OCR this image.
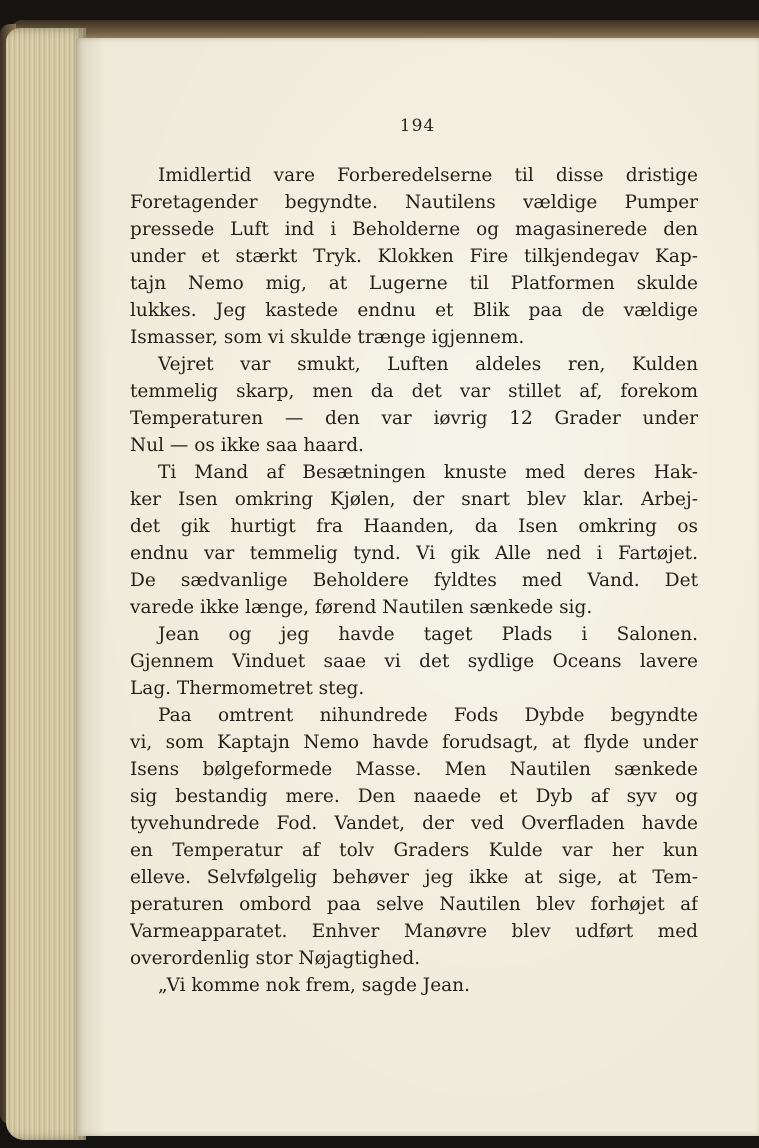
194
Imidlertid vare Forberedelserne til disse dristige
Foretagender begyndte. Nautilens vældige Pumper
pressede Luft ind i Beholderne og magasinerede den
under et stærkt Tryk. Klokken Fire tilkjendegav Kap-
tajn Nemo mig, at Lugerne til Platformen skulde
lukkes. Jeg kastede endnu et Blik paa de vældige
Ismasser, som vi skulde trænge igjennem.
Vejret var smukt, Luften aldeles ren, Kulden
temmelig skarp, men da det var stillet af, forekom
Temperaturen — den var iøvrig 12 Grader under
Nul — os ikke saa haard.
Ti Mand af Besætningen knuste med deres Hak-
ker Isen omkring Kjølen, der snart blev klar. Arbej-
det gik hurtigt fra Haanden, da Isen omkring os
endnu var temmelig tynd. Vi gik Alle ned i Fartøjet.
De sædvanlige Beholdere fyldtes med Vand. Det
varede ikke længe, førend Nautilen sænkede sig.
Jean og jeg havde taget Plads i Salonen.
Gjennem Vinduet saae vi det sydlige Oceans lavere
Lag. Thermometret steg.
Paa omtrent nihundrede Fods Dybde begyndte
vi, som Kaptajn Nemo havde forudsagt, at flyde under
Isens bølgeformede Masse. Men Nautilen sænkede
sig bestandig mere. Den naaede et Dyb af syv og
tyvehundrede Fod. Vandet, der ved Overfladen havde
en Temperatur af tolv Graders Kulde var her kun
elleve. Selvfølgelig behøver jeg ikke at sige, at Tem-
peraturen ombord paa selve Nautilen blev forhøjet af
Varmeapparatet. Enhver Manøvre blev udført med
overordenlig stor Nøjagtighed.
„Vi komme nok frem, sagde Jean.
